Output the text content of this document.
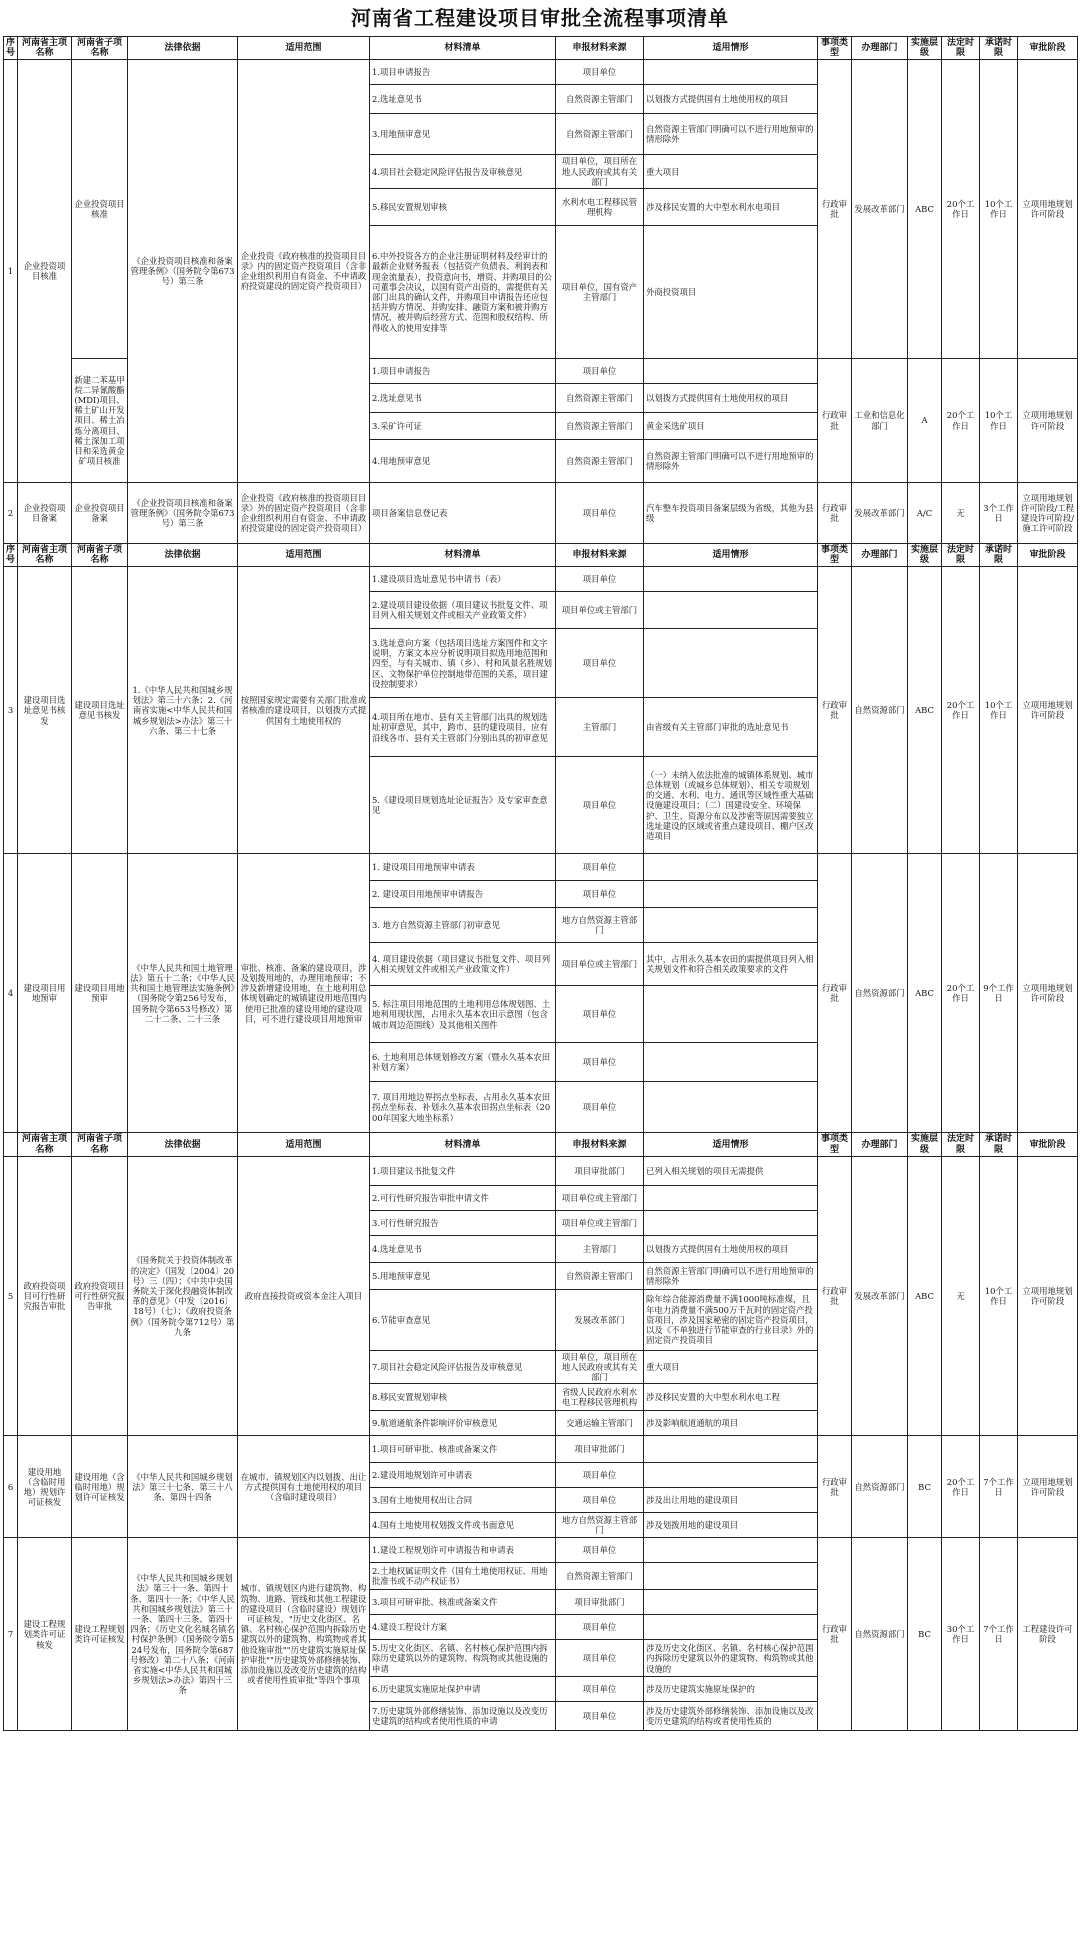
河南省工程建设项目审批全流程事项清单
序号	河南省主项名称	河南省子项名称	法律依据	适用范围	材料清单	申报材料来源	适用情形	事项类型	办理部门	实施层级	法定时限	承诺时限	审批阶段
1	企业投资项目核准	企业投资项目核准	《企业投资项目核准和备案管理条例》（国务院令第673号）第三条	企业投资《政府核准的投资项目目录》内的固定资产投资项目（含非企业组织利用自有资金、不申请政府投资建设的固定资产投资项目）	1.项目申请报告	项目单位		行政审批	发展改革部门	ABC	20个工作日	10个工作日	立项用地规划许可阶段
					2.选址意见书	自然资源主管部门	以划拨方式提供国有土地使用权的项目						
					3.用地预审意见	自然资源主管部门	自然资源主管部门明确可以不进行用地预审的情形除外						
					4.项目社会稳定风险评估报告及审核意见	项目单位，项目所在地人民政府或其有关部门	重大项目						
					5.移民安置规划审核	水利水电工程移民管理机构	涉及移民安置的大中型水利水电项目						
					6.中外投资各方的企业注册证明材料及经审计的最新企业财务报表（包括资产负债表、利润表和现金流量表），投资意向书，增资、并购项目的公司董事会决议，以国有资产出资的，需提供有关部门出具的确认文件，并购项目申请报告还应包括并购方情况、并购安排、融资方案和被并购方情况，被并购后经营方式、范围和股权结构、所得收入的使用安排等	项目单位，国有资产主管部门	外商投资项目						
		新建二苯基甲烷二异氰酸酯(MDI)项目、稀土矿山开发项目、稀土冶炼分离项目、稀土深加工项目和采选黄金矿项目核准			1.项目申请报告	项目单位		行政审批	工业和信息化部门	A	20个工作日	10个工作日	立项用地规划许可阶段
					2.选址意见书	自然资源主管部门	以划拨方式提供国有土地使用权的项目						
					3.采矿许可证	自然资源主管部门	黄金采选矿项目						
					4.用地预审意见	自然资源主管部门	自然资源主管部门明确可以不进行用地预审的情形除外						
2	企业投资项目备案	企业投资项目备案	《企业投资项目核准和备案管理条例》（国务院令第673号）第三条	企业投资《政府核准的投资项目目录》外的固定资产投资项目（含非企业组织利用自有资金、不申请政府投资建设的固定资产投资项目）	项目备案信息登记表	项目单位	汽车整车投资项目备案层级为省级，其他为县级	行政审批	发展改革部门	A/C	无	3个工作日	立项用地规划许可阶段/工程建设许可阶段/施工许可阶段
序号	河南省主项名称	河南省子项名称	法律依据	适用范围	材料清单	申报材料来源	适用情形	事项类型	办理部门	实施层级	法定时限	承诺时限	审批阶段
3	建设项目选址意见书核发	建设项目选址意见书核发	1.《中华人民共和国城乡规划法》第三十六条；2.《河南省实施<中华人民共和国城乡规划法>办法》第三十六条、第三十七条	按照国家规定需要有关部门批准或者核准的建设项目，以划拨方式提供国有土地使用权的	1.建设项目选址意见书申请书（表）	项目单位		行政审批	自然资源部门	ABC	20个工作日	10个工作日	立项用地规划许可阶段
					2.建设项目建设依据（项目建议书批复文件、项目列入相关规划文件或相关产业政策文件）	项目单位或主管部门							
					3.选址意向方案（包括项目选址方案图件和文字说明，方案文本应分析说明项目拟选用地范围和四至，与有关城市、镇（乡）、村和风景名胜规划区、文物保护单位控制地带范围的关系，项目建设控制要求）	项目单位							
					4.项目所在地市、县有关主管部门出具的规划选址初审意见，其中，跨市、县的建设项目，应有沿线各市、县有关主管部门分别出具的初审意见	主管部门	由省级有关主管部门审批的选址意见书						
					5.《建设项目规划选址论证报告》及专家审查意见	项目单位	（一）未纳入依法批准的城镇体系规划、城市总体规划（或城乡总体规划）、相关专项规划的交通、水利、电力、通讯等区域性重大基础设施建设项目；（二）国建设安全、环境保护、卫生、资源分布以及涉密等原因需要独立选址建设的区域或省重点建设项目、棚户区改造项目						
4	建设项目用地预审	建设项目用地预审	《中华人民共和国土地管理法》第五十二条；《中华人民共和国土地管理法实施条例》（国务院令第256号发布，国务院令第653号修改）第二十二条、二十三条	审批、核准、备案的建设项目，涉及划拨用地的，办理用地预审；不涉及新增建设用地，在土地利用总体规划确定的城镇建设用地范围内使用已批准的建设用地的建设项目，可不进行建设项目用地预审	1. 建设项目用地预审申请表	项目单位		行政审批	自然资源部门	ABC	20个工作日	9个工作日	立项用地规划许可阶段
					2. 建设项目用地预审申请报告	项目单位							
					3. 地方自然资源主管部门初审意见	地方自然资源主管部门							
					4. 项目建设依据（项目建议书批复文件、项目列入相关规划文件或相关产业政策文件）	项目单位或主管部门	其中，占用永久基本农田的需提供项目列入相关规划文件和符合相关政策要求的文件						
					5. 标注项目用地范围的土地利用总体规划图、土地利用现状图，占用永久基本农田示意图（包含城市周边范围线）及其他相关图件	项目单位							
					6. 土地利用总体规划修改方案（暨永久基本农田补划方案）	项目单位							
					7. 项目用地边界拐点坐标表、占用永久基本农田拐点坐标表、补划永久基本农田拐点坐标表（2000年国家大地坐标系）	项目单位							
	河南省主项名称	河南省子项名称	法律依据	适用范围	材料清单	申报材料来源	适用情形	事项类型	办理部门	实施层级	法定时限	承诺时限	审批阶段
5	政府投资项目可行性研究报告审批	政府投资项目可行性研究报告审批	《国务院关于投资体制改革的决定》（国发〔2004〕20号）三（四）；《中共中央国务院关于深化投融资体制改革的意见》（中发〔2016〕18号）（七）；《政府投资条例》（国务院令第712号）第九条	政府直接投资或资本金注入项目	1.项目建议书批复文件	项目审批部门	已列入相关规划的项目无需提供	行政审批	发展改革部门	ABC	无	10个工作日	立项用地规划许可阶段
					2.可行性研究报告审批申请文件	项目单位或主管部门							
					3.可行性研究报告	项目单位或主管部门							
					4.选址意见书	主管部门	以划拨方式提供国有土地使用权的项目						
					5.用地预审意见	自然资源主管部门	自然资源主管部门明确可以不进行用地预审的情形除外						
					6.节能审查意见	发展改革部门	除年综合能源消费量不满1000吨标准煤，且年电力消费量不满500万千瓦时的固定资产投资项目，涉及国家秘密的固定资产投资项目，以及《不单独进行节能审查的行业目录》外的固定资产投资项目						
					7.项目社会稳定风险评估报告及审核意见	项目单位，项目所在地人民政府或其有关部门	重大项目						
					8.移民安置规划审核	省级人民政府水利水电工程移民管理机构	涉及移民安置的大中型水利水电工程						
					9.航道通航条件影响评价审核意见	交通运输主管部门	涉及影响航道通航的项目						
6	建设用地（含临时用地）规划许可证核发	建设用地（含临时用地）规划许可证核发	《中华人民共和国城乡规划法》第三十七条、第三十八条、第四十四条	在城市、镇规划区内以划拨、出让方式提供国有土地使用权的项目（含临时建设项目）	1.项目可研审批、核准或备案文件	项目审批部门		行政审批	自然资源部门	BC	20个工作日	7个工作日	立项用地规划许可阶段
					2.建设用地规划许可申请表	项目单位							
					3.国有土地使用权出让合同	项目单位	涉及出让用地的建设项目						
					4.国有土地使用权划拨文件或书面意见	地方自然资源主管部门	涉及划拨用地的建设项目						
7	建设工程规划类许可证核发	建设工程规划类许可证核发	《中华人民共和国城乡规划法》第三十一条、第四十条、第四十一条；《中华人民共和国城乡规划法》第三十一条、第四十三条、第四十四条；《历史文化名城名镇名村保护条例》（国务院令第524号发布，国务院令第687号修改）第二十八条；《河南省实施<中华人民共和国城乡规划法>办法》第四十三条	城市、镇规划区内进行建筑物、构筑物、道路、管线和其他工程建设的建设项目（含临时建设）规划许可证核发，"历史文化街区、名镇、名村核心保护范围内拆除历史建筑以外的建筑物、构筑物或者其他设施审批""历史建筑实施原址保护审批""历史建筑外部修缮装饰、添加设施以及改变历史建筑的结构或者使用性质审批"等四个事项	1.建设工程规划许可申请报告和申请表	项目单位		行政审批	自然资源部门	BC	30个工作日	7个工作日	工程建设许可阶段
					2.土地权属证明文件（国有土地使用权证、用地批准书或不动产权证书）	自然资源主管部门							
					3.项目可研审批、核准或备案文件	项目审批部门							
					4.建设工程设计方案	项目单位							
					5.历史文化街区、名镇、名村核心保护范围内拆除历史建筑以外的建筑物、构筑物或其他设施的申请	项目单位	涉及历史文化街区、名镇、名村核心保护范围内拆除历史建筑以外的建筑物、构筑物或其他设施的						
					6.历史建筑实施原址保护申请	项目单位	涉及历史建筑实施原址保护的						
					7.历史建筑外部修缮装饰、添加设施以及改变历史建筑的结构或者使用性质的申请	项目单位	涉及历史建筑外部修缮装饰、添加设施以及改变历史建筑的结构或者使用性质的						
